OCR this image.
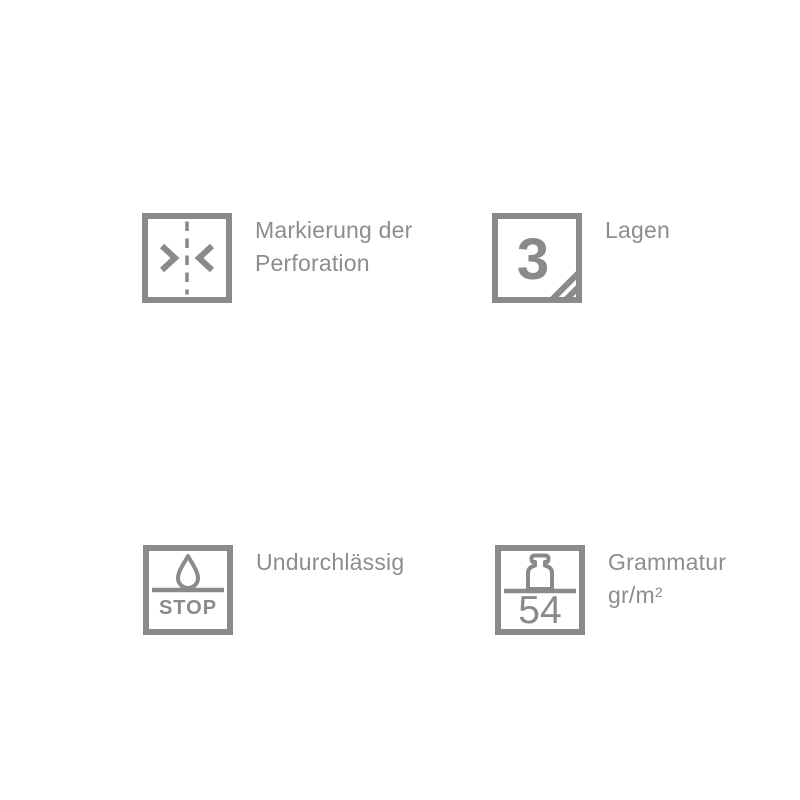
Markierung der
Perforation	3 Lagen
STOP
Undurchlässig
54
Grammatur
$gr/m^2$
